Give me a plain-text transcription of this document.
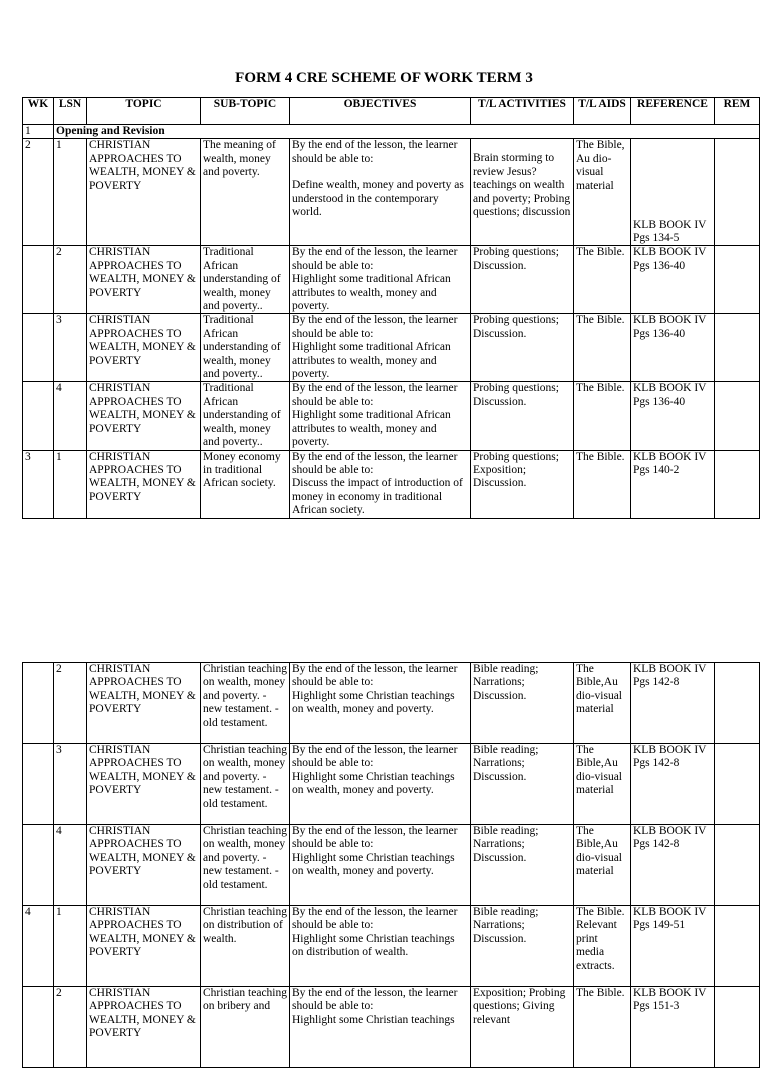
FORM 4 CRE SCHEME OF WORK TERM 3
WK	LSN	TOPIC	SUB-TOPIC	OBJECTIVES	T/L ACTIVITIES	T/L AIDS	REFERENCE	REM
1	Opening and Revision							
2	1	CHRISTIAN APPROACHES TO WEALTH, MONEY & POVERTY	The meaning of wealth, money and poverty.	By the end of the lesson, the learner should be able to:
Define wealth, money and poverty as understood in the contemporary world.	Brain storming to review Jesus? teachings on wealth and poverty; Probing questions; discussion	The Bible, Au dio-visual material	KLB BOOK IV Pgs 134-5	

	2	CHRISTIAN APPROACHES TO WEALTH, MONEY & POVERTY	Traditional African understanding of wealth, money and poverty..	By the end of the lesson, the learner should be able to:
Highlight some traditional African attributes to wealth, money and poverty.	Probing questions; Discussion.	The Bible.	KLB BOOK IV Pgs 136-40	
	3	CHRISTIAN APPROACHES TO WEALTH, MONEY & POVERTY	Traditional African understanding of wealth, money and poverty..	By the end of the lesson, the learner should be able to:
Highlight some traditional African attributes to wealth, money and poverty.	Probing questions; Discussion.	The Bible.	KLB BOOK IV Pgs 136-40	
	4	CHRISTIAN APPROACHES TO WEALTH, MONEY & POVERTY	Traditional African understanding of wealth, money and poverty..	By the end of the lesson, the learner should be able to:
Highlight some traditional African attributes to wealth, money and poverty.	Probing questions; Discussion.	The Bible.	KLB BOOK IV Pgs 136-40	
3	1	CHRISTIAN APPROACHES TO WEALTH, MONEY & POVERTY	Money economy in traditional African society.	By the end of the lesson, the learner should be able to:
Discuss the impact of introduction of money in economy in traditional African society.	Probing questions; Exposition; Discussion.	The Bible.	KLB BOOK IV Pgs 140-2	
	2	CHRISTIAN APPROACHES TO WEALTH, MONEY & POVERTY	Christian teaching on wealth, money and poverty. - new testament. - old testament.	By the end of the lesson, the learner should be able to:
Highlight some Christian teachings on wealth, money and poverty.	Bible reading; Narrations; Discussion.	The Bible,Au dio-visual material	KLB BOOK IV Pgs 142-8	
	3	CHRISTIAN APPROACHES TO WEALTH, MONEY & POVERTY	Christian teaching on wealth, money and poverty. - new testament. - old testament.	By the end of the lesson, the learner should be able to:
Highlight some Christian teachings on wealth, money and poverty.	Bible reading; Narrations; Discussion.	The Bible,Au dio-visual material	KLB BOOK IV Pgs 142-8	
	4	CHRISTIAN APPROACHES TO WEALTH, MONEY & POVERTY	Christian teaching on wealth, money and poverty. - new testament. - old testament.	By the end of the lesson, the learner should be able to:
Highlight some Christian teachings on wealth, money and poverty.	Bible reading; Narrations; Discussion.	The Bible,Au dio-visual material	KLB BOOK IV Pgs 142-8	
4	1	CHRISTIAN APPROACHES TO WEALTH, MONEY & POVERTY	Christian teaching on distribution of wealth.	By the end of the lesson, the learner should be able to:
Highlight some Christian teachings on distribution of wealth.	Bible reading; Narrations; Discussion.	The Bible. Relevant print media extracts.	KLB BOOK IV Pgs 149-51	
	2	CHRISTIAN APPROACHES TO WEALTH, MONEY & POVERTY	Christian teaching on bribery and	By the end of the lesson, the learner should be able to:
Highlight some Christian teachings	Exposition; Probing questions; Giving relevant	The Bible.	KLB BOOK IV Pgs 151-3	
